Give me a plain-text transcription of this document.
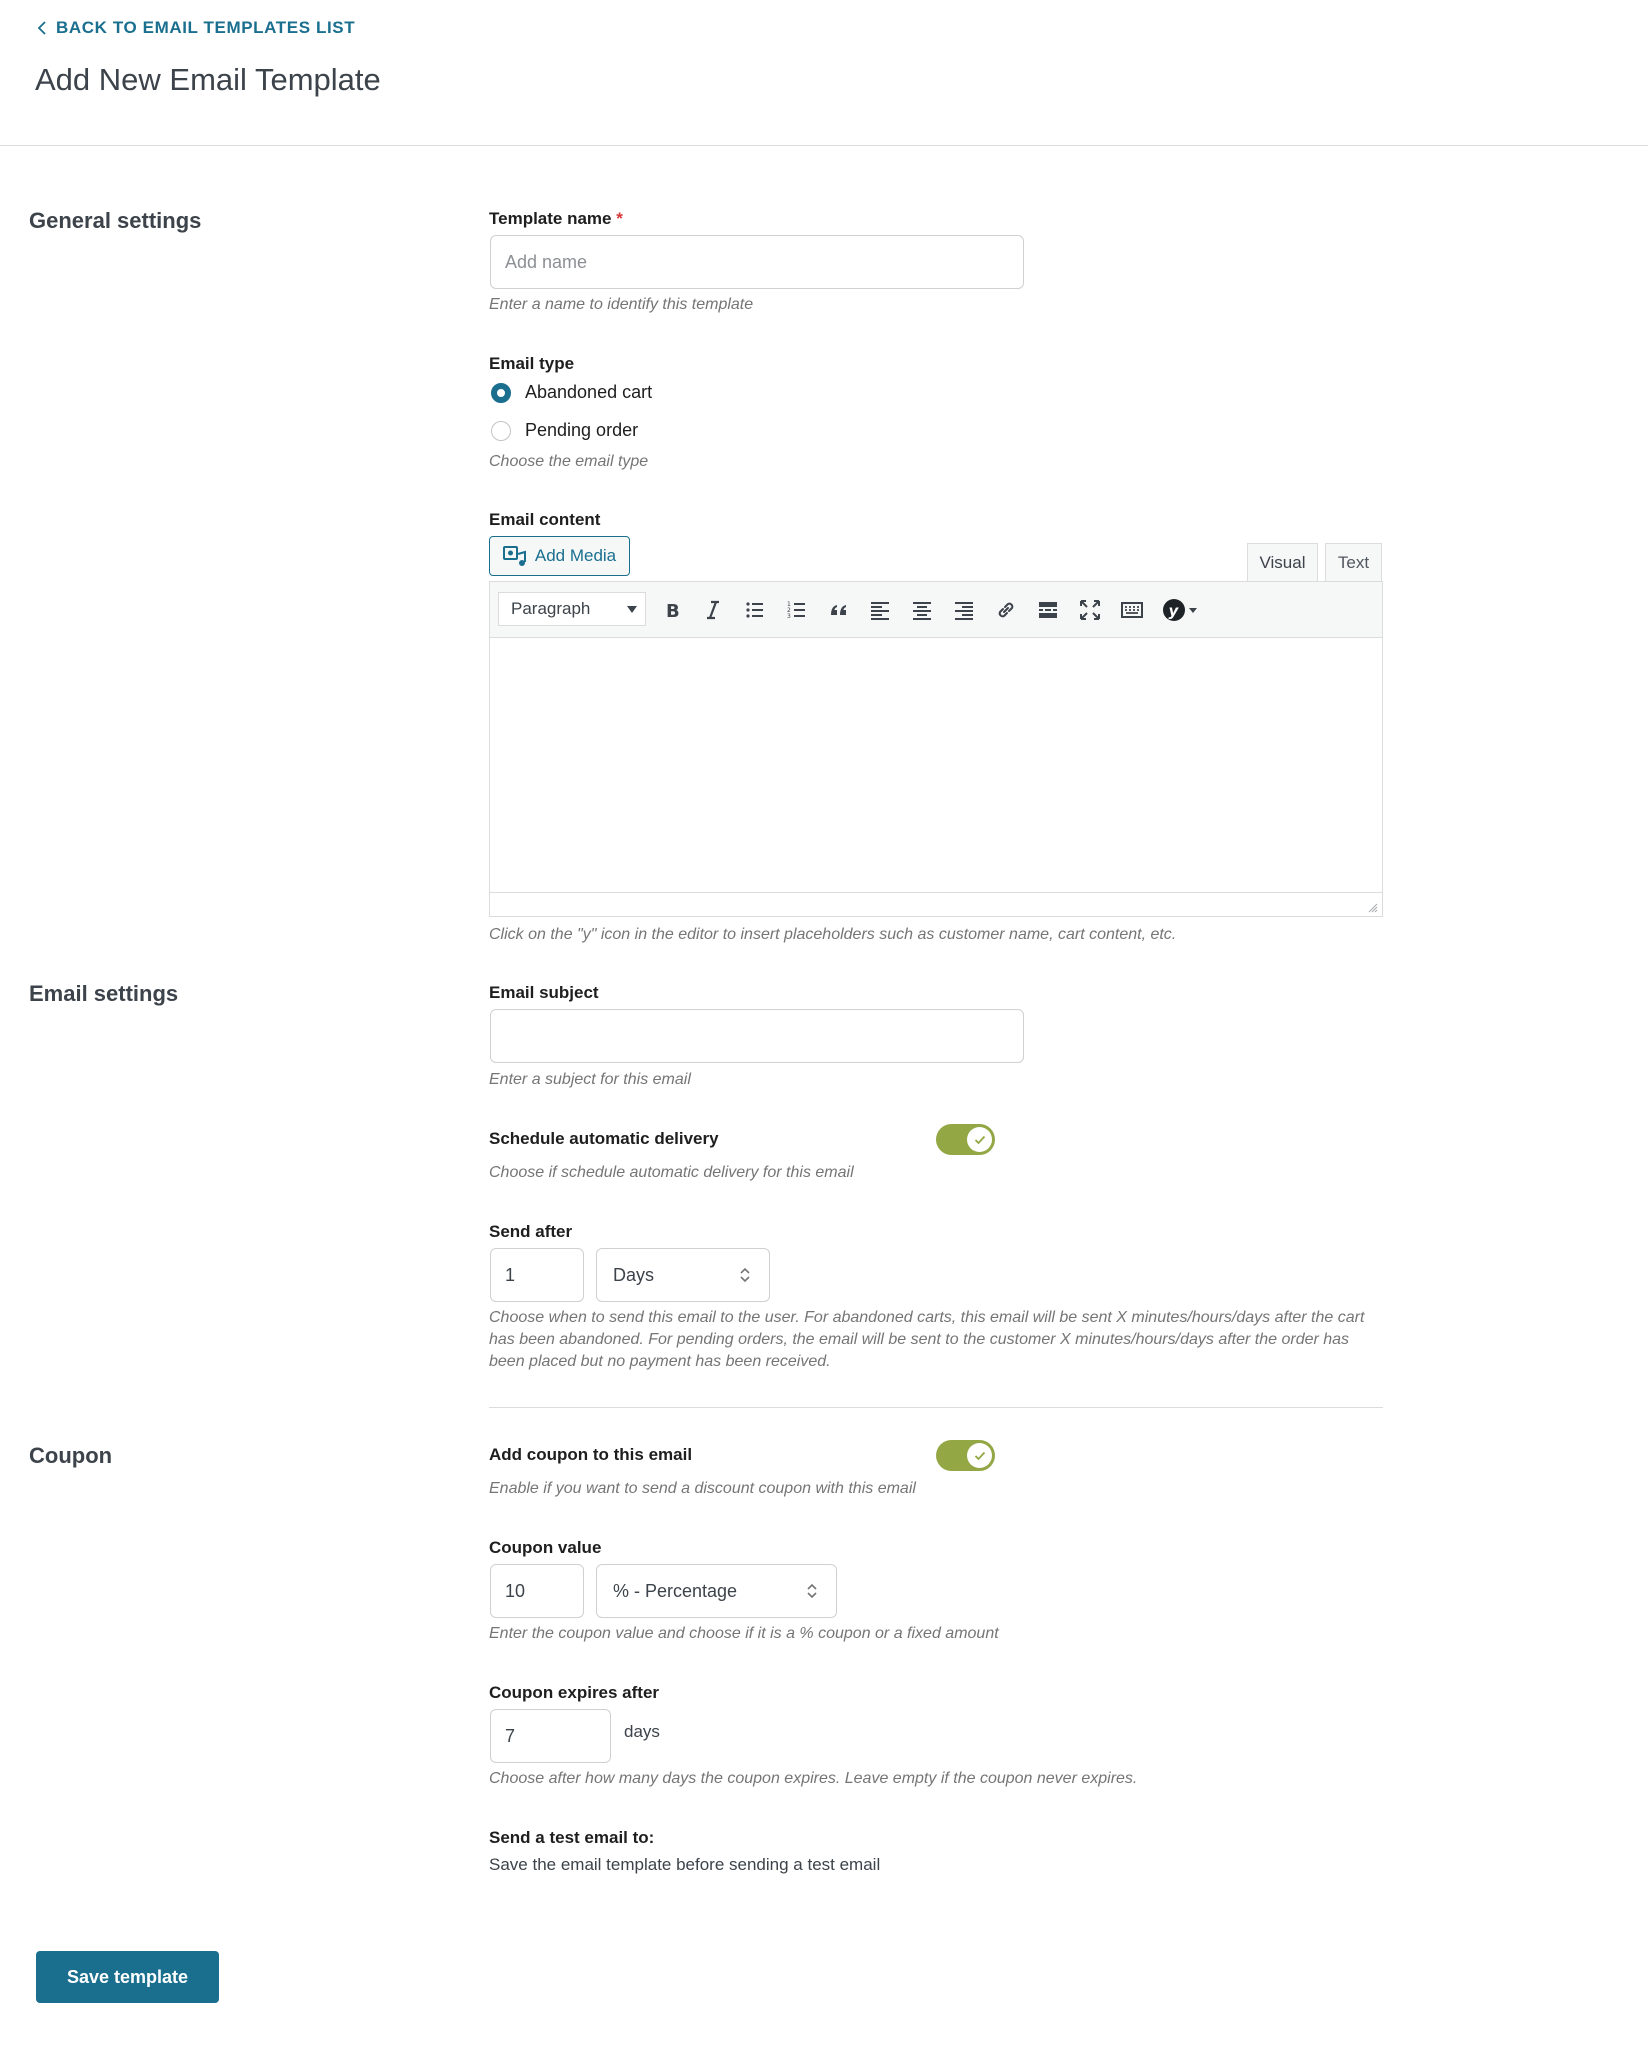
BACK TO EMAIL TEMPLATES LIST
Add New Email Template
General settings	Template name *
Add name
Enter a name to identify this template
Email type
Abandoned cart
Pending order
Choose the email type
Email content
Add Media	Visual	Text
Paragraph	B	1
2
3	y
Click on the "y" icon in the editor to insert placeholders such as customer name, cart content, etc.
Email settings	Email subject
Enter a subject for this email
Schedule automatic delivery
Choose if schedule automatic delivery for this email
Send after
1
Days
Choose when to send this email to the user. For abandoned carts, this email will be sent X minutes/hours/days after the cart has been abandoned. For pending orders, the email will be sent to the customer X minutes/hours/days after the order has been placed but no payment has been received.
Coupon	Add coupon to this email
Enable if you want to send a discount coupon with this email
Coupon value
10
% - Percentage
Enter the coupon value and choose if it is a % coupon or a fixed amount
Coupon expires after
7
days
Choose after how many days the coupon expires. Leave empty if the coupon never expires.
Send a test email to:
Save the email template before sending a test email
Save template
